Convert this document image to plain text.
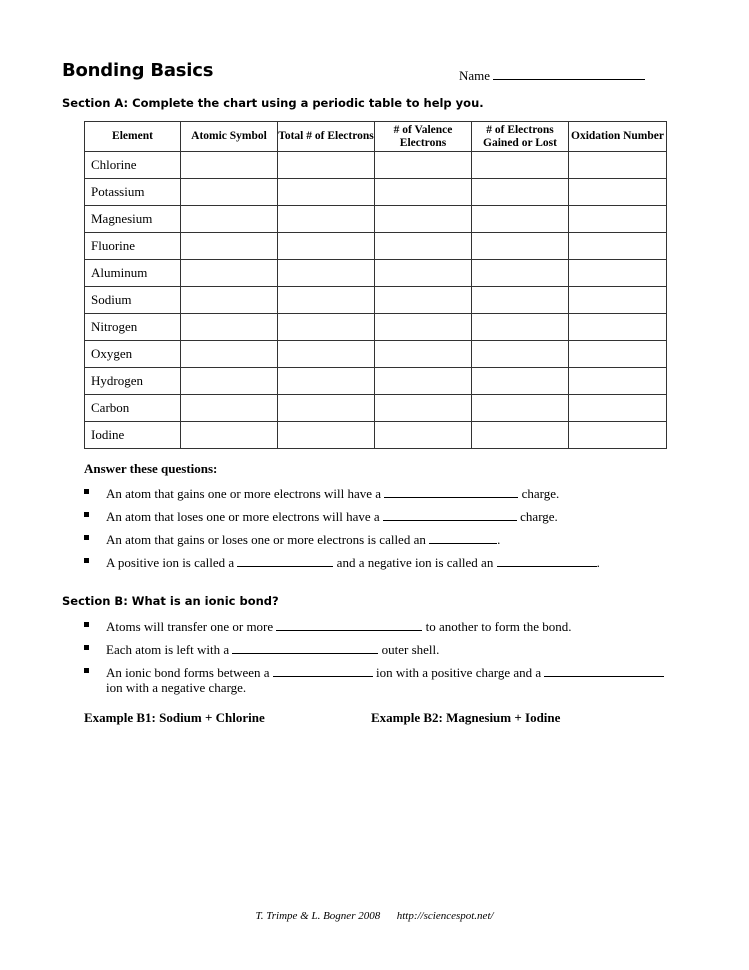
Bonding Basics	Name
Section A: Complete the chart using a periodic table to help you.
Element	Atomic Symbol	Total # of Electrons	# of Valence Electrons	# of Electrons Gained or Lost	Oxidation Number
Chlorine					
Potassium					
Magnesium					
Fluorine					
Aluminum					
Sodium					
Nitrogen					
Oxygen					
Hydrogen					
Carbon					
Iodine					
Answer these questions:
An atom that gains one or more electrons will have a	charge.
An atom that loses one or more electrons will have a	charge.
An atom that gains or loses one or more electrons is called an	.
A positive ion is called a	and a negative ion is called an	.
Section B: What is an ionic bond?
Atoms will transfer one or more	to another to form the bond.
Each atom is left with a	outer shell.
An ionic bond forms between a	ion with a positive charge and a
ion with a negative charge.
Example B1: Sodium + Chlorine	Example B2: Magnesium + Iodine
T. Trimpe & L. Bogner 2008 http://sciencespot.net/
